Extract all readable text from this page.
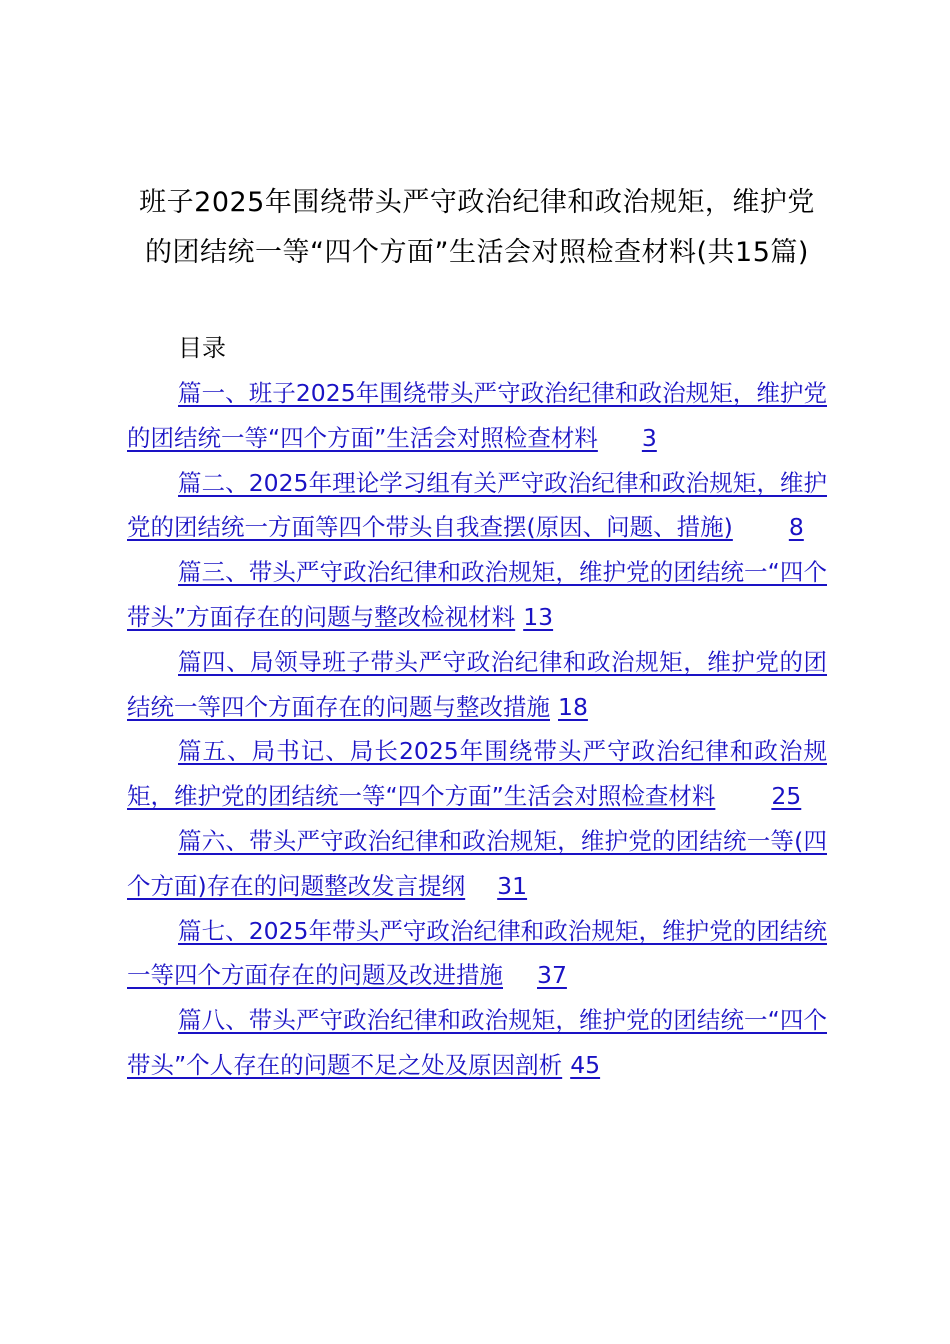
班子2025年围绕带头严守政治纪律和政治规矩，维护党的团结统一等“四个方面”生活会对照检查材料(共15篇)
目录
篇一、班子2025年围绕带头严守政治纪律和政治规矩，维护党的团结统一等“四个方面”生活会对照检查材料 3
篇二、2025年理论学习组有关严守政治纪律和政治规矩，维护党的团结统一方面等四个带头自我查摆(原因、问题、措施) 8
篇三、带头严守政治纪律和政治规矩，维护党的团结统一“四个带头”方面存在的问题与整改检视材料 13
篇四、局领导班子带头严守政治纪律和政治规矩，维护党的团结统一等四个方面存在的问题与整改措施 18
篇五、局书记、局长2025年围绕带头严守政治纪律和政治规矩，维护党的团结统一等“四个方面”生活会对照检查材料 25
篇六、带头严守政治纪律和政治规矩，维护党的团结统一等(四个方面)存在的问题整改发言提纲 31
篇七、2025年带头严守政治纪律和政治规矩，维护党的团结统一等四个方面存在的问题及改进措施 37
篇八、带头严守政治纪律和政治规矩，维护党的团结统一“四个带头”个人存在的问题不足之处及原因剖析 45
